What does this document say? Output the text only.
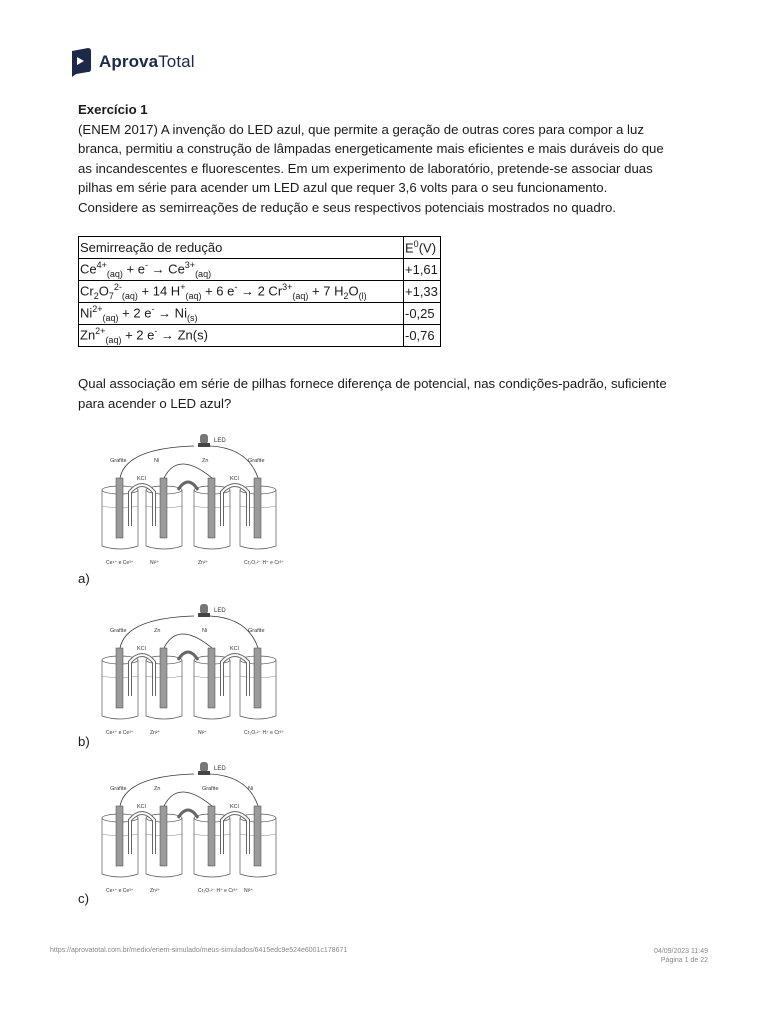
AprovaTotal
Exercício 1

(ENEM 2017) A invenção do LED azul, que permite a geração de outras cores para compor a luz

branca, permitiu a construção de lâmpadas energeticamente mais eficientes e mais duráveis do que

as incandescentes e fluorescentes. Em um experimento de laboratório, pretende-se associar duas

pilhas em série para acender um LED azul que requer 3,6 volts para o seu funcionamento.

Considere as semirreações de redução e seus respectivos potenciais mostrados no quadro.

Semirreação de redução	$E^0(V)$
$Ce^{4+}_{(aq)} + e^- \to Ce^{3+}_{(aq)}$	+1,61
$Cr_2O_7^{2-}_{(aq)} + 14$ $H^+_{(aq)} + 6$ e- → 2 $Cr^{3+}_{(aq)} + 7$ $H_2O_{(l)}$	+1,33
$Ni^{2+}_{(aq)} + 2$ $e^- \to Ni_{(s)}$	-0,25
$Zn^{2+}_{(aq)} + 2$ e- → Zn(s)	-0,76
Qual associação em série de pilhas fornece diferença de potencial, nas condições-padrão, suficiente
para acender o LED azul?
LED
Grafite
Ce⁴⁺ e Ce³⁺
Ni
Ni²⁺
Zn
Zn²⁺
Grafite
Cr₂O₇²⁻ H⁺ e Cr³⁺
KCl	KCl
a)
LED
Grafite
Ce⁴⁺ e Ce³⁺
Zn
Zn²⁺
Ni
Ni²⁺
Grafite
Cr₂O₇²⁻ H⁺ e Cr³⁺
KCl	KCl
b)
LED
Grafite
Ce⁴⁺ e Ce³⁺
Zn
Zn²⁺
Grafite
Cr₂O₇²⁻ H⁺ e Cr³⁺
Ni
Ni²⁺
KCl	KCl
c)
https://aprovatotal.com.br/medio/enem-simulado/meus-simulados/6415edc9e524e6001c178671	04/09/2023 11:49
Página 1 de 22
